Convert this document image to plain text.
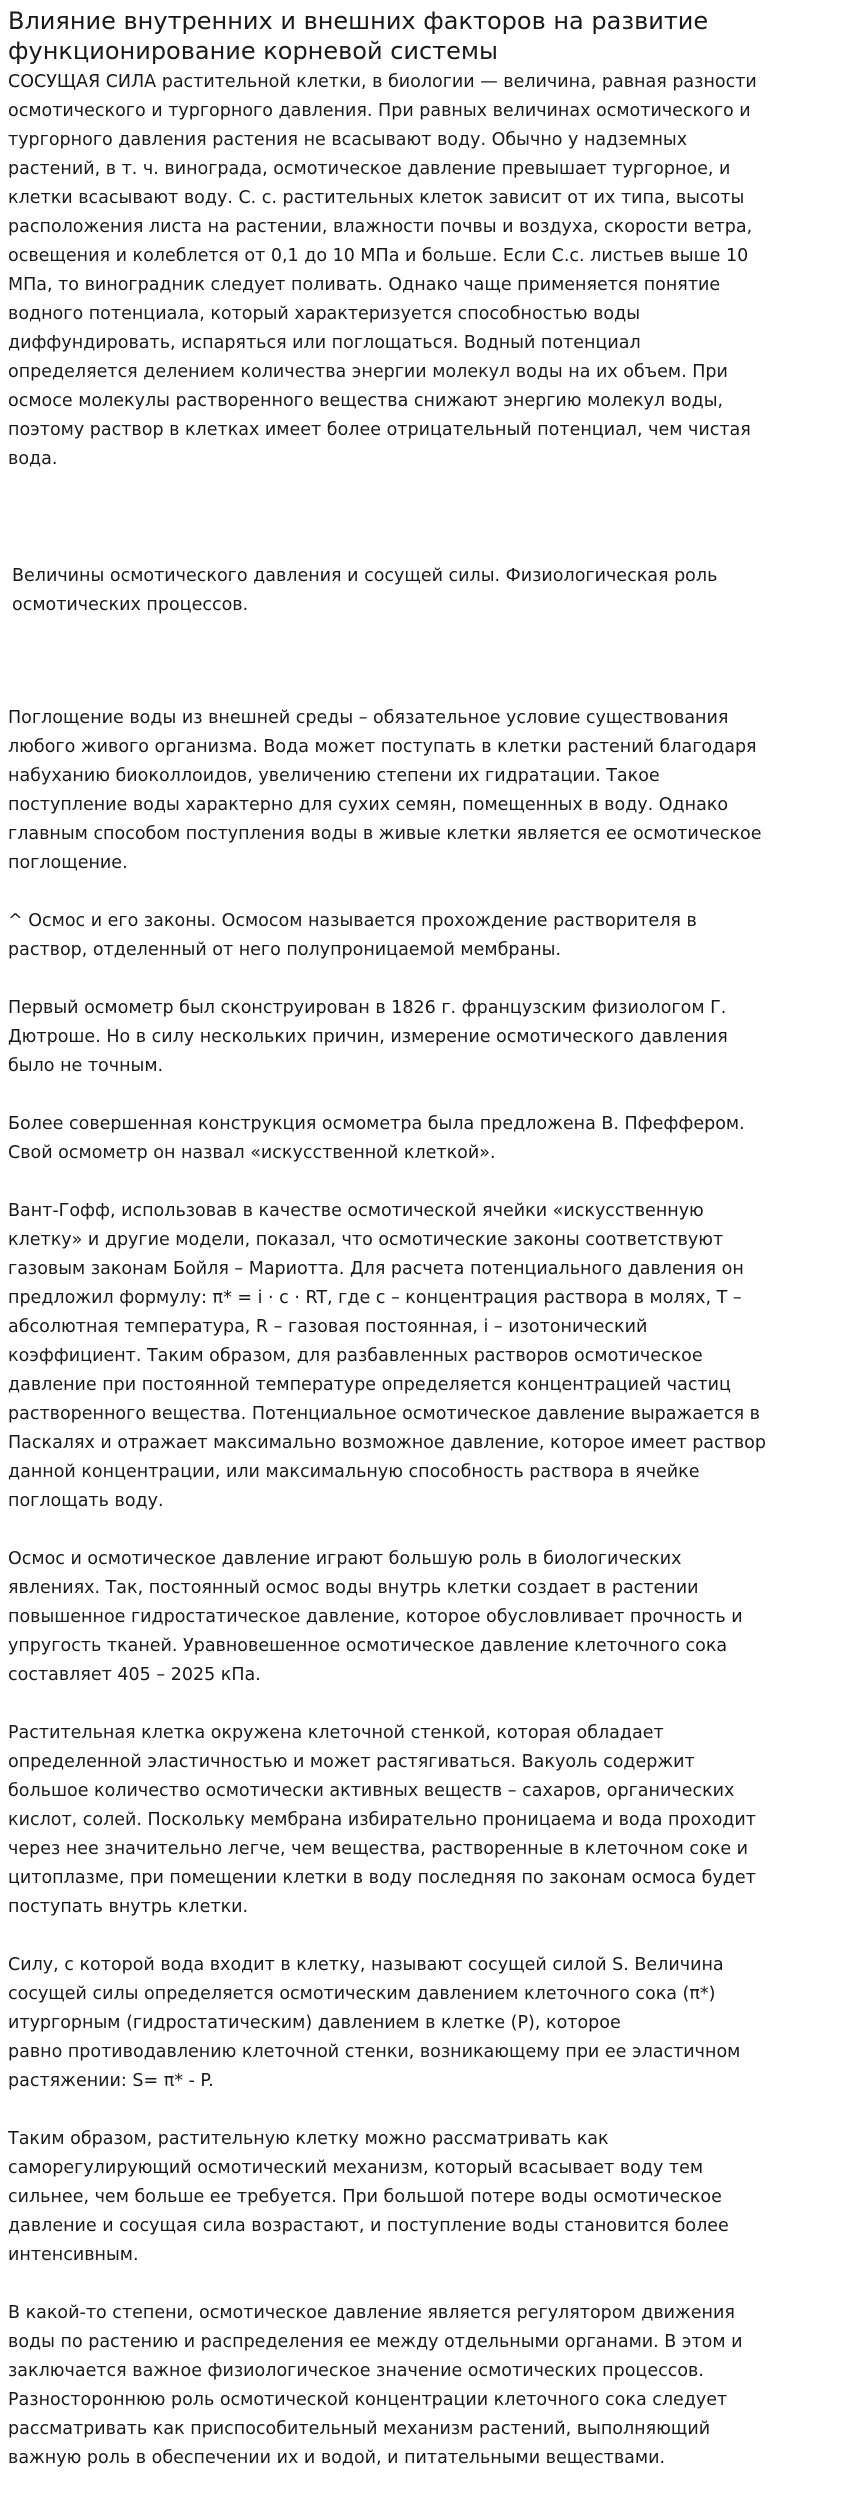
Влияние внутренних и внешних факторов на развитие
функционирование корневой системы

СОСУЩАЯ СИЛА растительной клетки, в биологии — величина, равная разности
осмотического и тургорного давления. При равных величинах осмотического и
тургорного давления растения не всасывают воду. Обычно у надземных
растений, в т. ч. винограда, осмотическое давление превышает тургорное, и
клетки всасывают воду. С. с. растительных клеток зависит от их типа, высоты
расположения листа на растении, влажности почвы и воздуха, скорости ветра,
освещения и колеблется от 0,1 до 10 МПа и больше. Если С.с. листьев выше 10
МПа, то виноградник следует поливать. Однако чаще применяется понятие
водного потенциала, который характеризуется способностью воды
диффундировать, испаряться или поглощаться. Водный потенциал
определяется делением количества энергии молекул воды на их объем. При
осмосе молекулы растворенного вещества снижают энергию молекул воды,
поэтому раствор в клетках имеет более отрицательный потенциал, чем чистая
вода.

Величины осмотического давления и сосущей силы. Физиологическая роль
осмотических процессов.

Поглощение воды из внешней среды – обязательное условие существования
любого живого организма. Вода может поступать в клетки растений благодаря
набуханию биоколлоидов, увеличению степени их гидратации. Такое
поступление воды характерно для сухих семян, помещенных в воду. Однако
главным способом поступления воды в живые клетки является ее осмотическое
поглощение.

^ Осмос и его законы. Осмосом называется прохождение растворителя в
раствор, отделенный от него полупроницаемой мембраны.

Первый осмометр был сконструирован в 1826 г. французским физиологом Г.
Дютроше. Но в силу нескольких причин, измерение осмотического давления
было не точным.

Более совершенная конструкция осмометра была предложена В. Пфеффером.
Свой осмометр он назвал «искусственной клеткой».

Вант-Гофф, использовав в качестве осмотической ячейки «искусственную
клетку» и другие модели, показал, что осмотические законы соответствуют
газовым законам Бойля – Мариотта. Для расчета потенциального давления он
предложил формулу: π* = i · c · RT, где c – концентрация раствора в молях, T –
абсолютная температура, R – газовая постоянная, i – изотонический
коэффициент. Таким образом, для разбавленных растворов осмотическое
давление при постоянной температуре определяется концентрацией частиц
растворенного вещества. Потенциальное осмотическое давление выражается в
Паскалях и отражает максимально возможное давление, которое имеет раствор
данной концентрации, или максимальную способность раствора в ячейке
поглощать воду.

Осмос и осмотическое давление играют большую роль в биологических
явлениях. Так, постоянный осмос воды внутрь клетки создает в растении
повышенное гидростатическое давление, которое обусловливает прочность и
упругость тканей. Уравновешенное осмотическое давление клеточного сока
составляет 405 – 2025 кПа.

Растительная клетка окружена клеточной стенкой, которая обладает
определенной эластичностью и может растягиваться. Вакуоль содержит
большое количество осмотически активных веществ – сахаров, органических
кислот, солей. Поскольку мембрана избирательно проницаема и вода проходит
через нее значительно легче, чем вещества, растворенные в клеточном соке и
цитоплазме, при помещении клетки в воду последняя по законам осмоса будет
поступать внутрь клетки.

Силу, с которой вода входит в клетку, называют сосущей силой S. Величина
сосущей силы определяется осмотическим давлением клеточного сока (π*)
итургорным (гидростатическим) давлением в клетке (Р), которое
равно противодавлению клеточной стенки, возникающему при ее эластичном
растяжении: S= π* - P.

Таким образом, растительную клетку можно рассматривать как
саморегулирующий осмотический механизм, который всасывает воду тем
сильнее, чем больше ее требуется. При большой потере воды осмотическое
давление и сосущая сила возрастают, и поступление воды становится более
интенсивным.

В какой-то степени, осмотическое давление является регулятором движения
воды по растению и распределения ее между отдельными органами. В этом и
заключается важное физиологическое значение осмотических процессов.
Разностороннюю роль осмотической концентрации клеточного сока следует
рассматривать как приспособительный механизм растений, выполняющий
важную роль в обеспечении их и водой, и питательными веществами.
